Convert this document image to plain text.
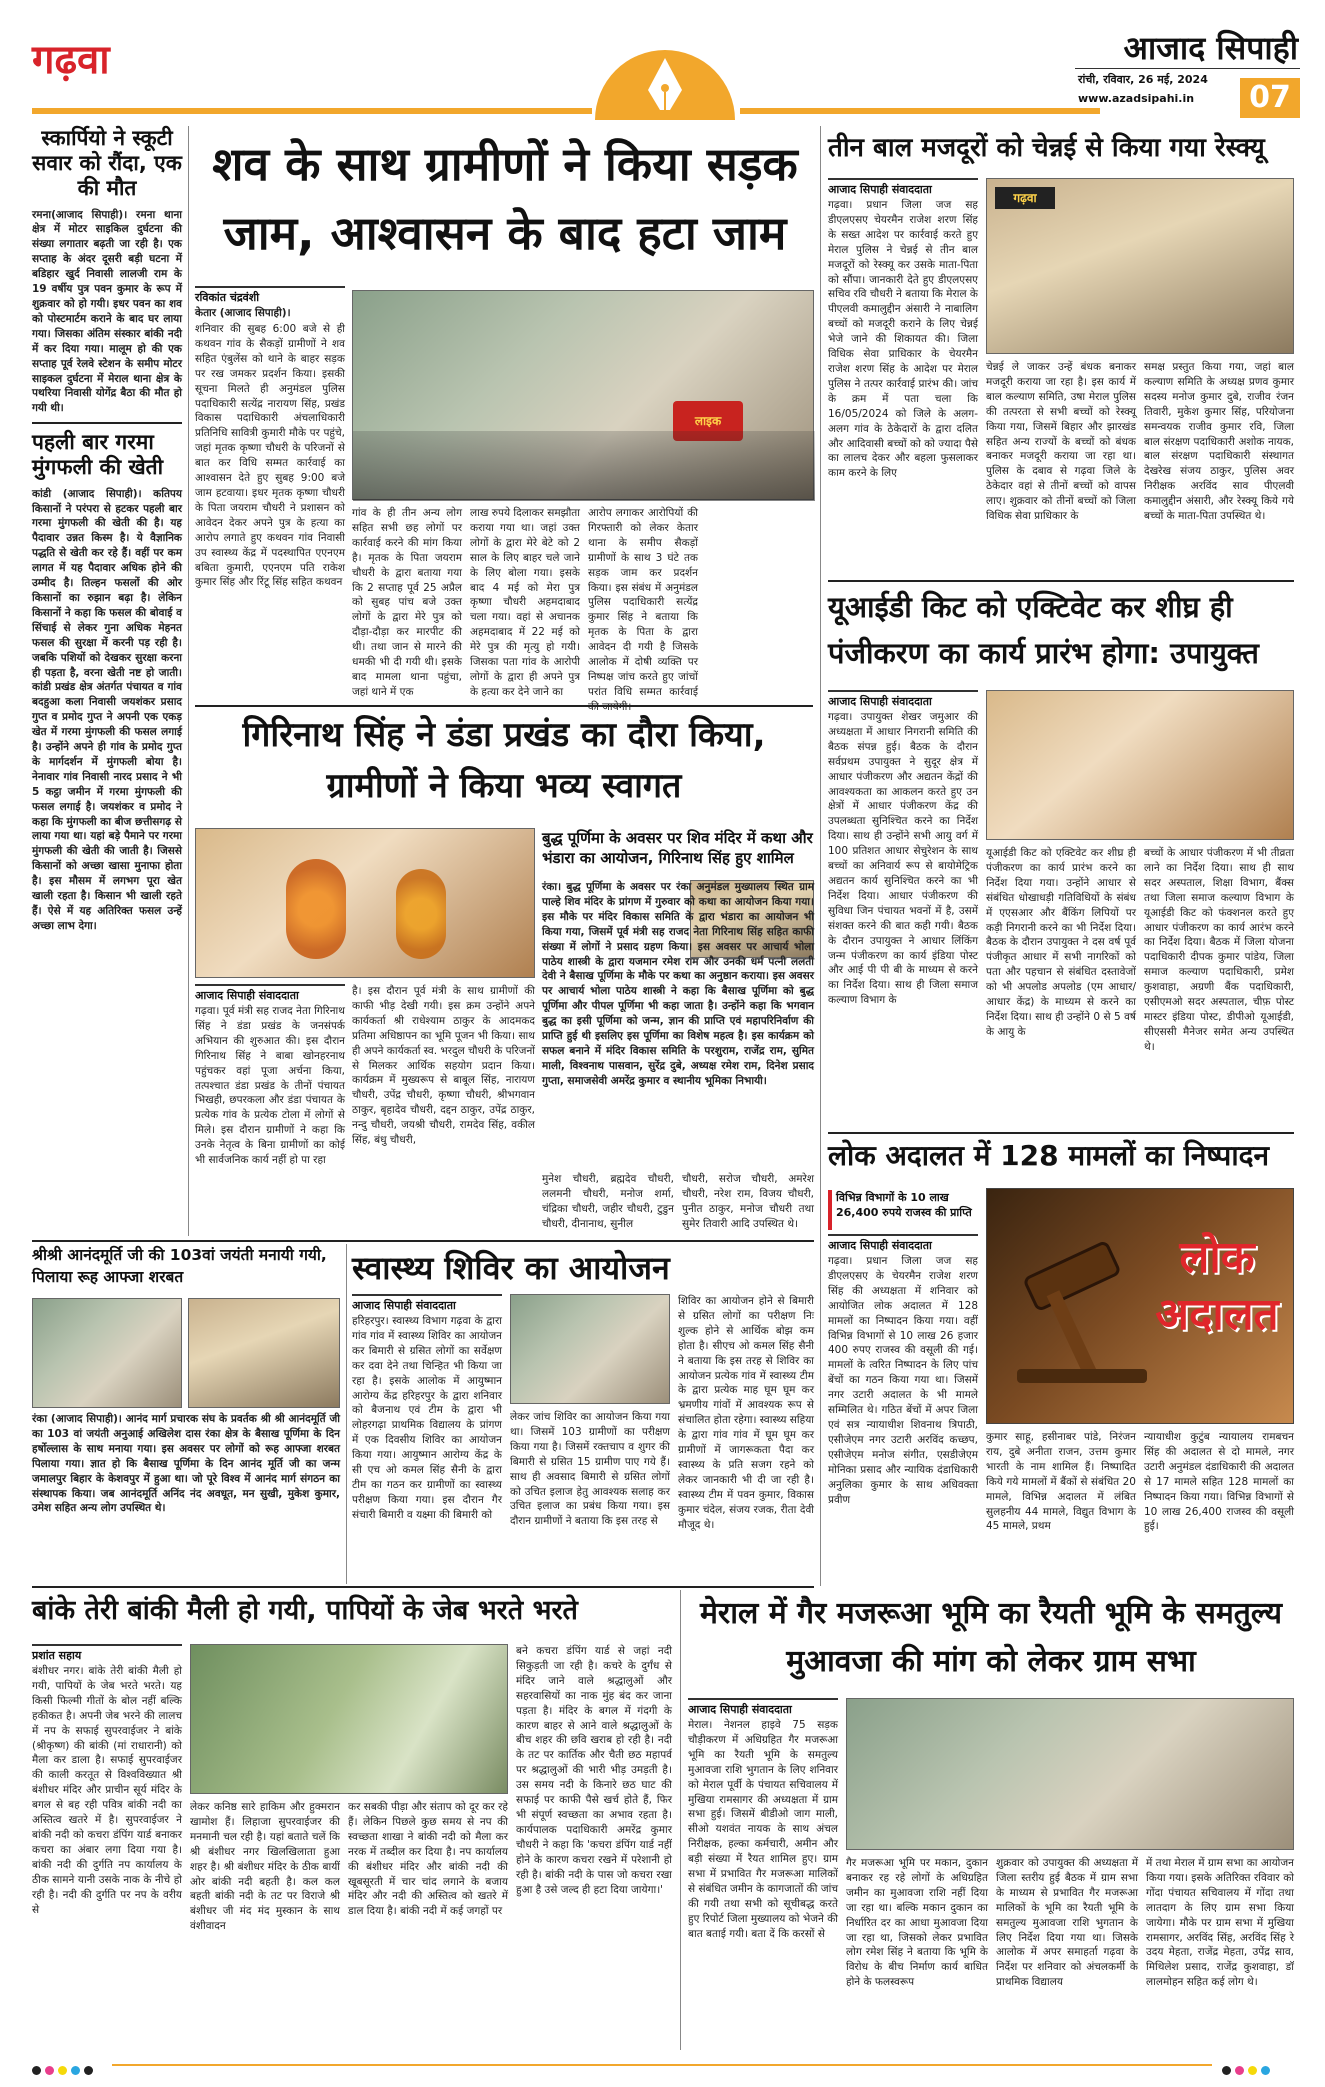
गढ़वा	आजाद सिपाही
रांची, रविवार, 26 मई, 2024
www.azadsipahi.in	07
स्कार्पियो ने स्कूटी सवार को रौंदा, एक की मौत
रमना(आजाद सिपाही)। रमना थाना क्षेत्र में मोटर साइकिल दुर्घटना की संख्या लगातार बढ़ती जा रही है। एक सप्ताह के अंदर दूसरी बड़ी घटना में बडिहार खुर्द निवासी लालजी राम के 19 वर्षीय पुत्र पवन कुमार के रूप में शुक्रवार को हो गयी। इधर पवन का शव को पोस्टमार्टम कराने के बाद घर लाया गया। जिसका अंतिम संस्कार बांकी नदी में कर दिया गया। मालूम हो की एक सप्ताह पूर्व रेलवे स्टेशन के समीप मोटर साइकल दुर्घटना में मेराल थाना क्षेत्र के पथरिया निवासी योगेंद्र बैठा की मौत हो गयी थी।
पहली बार गरमा मुंगफली की खेती
कांडी (आजाद सिपाही)। कतिपय किसानों ने परंपरा से हटकर पहली बार गरमा मुंगफली की खेती की है। यह पैदावार उन्नत किस्म है। ये वैज्ञानिक पद्धति से खेती कर रहे हैं। वहीं पर कम लागत में यह पैदावार अधिक होने की उम्मीद है। तिल्हन फसलों की ओर किसानों का रुझान बढ़ा है। लेकिन किसानों ने कहा कि फसल की बोवाई व सिंचाई से लेकर गुना अधिक मेहनत फसल की सुरक्षा में करनी पड़ रही है। जबकि पशियों को देखकर सुरक्षा करना ही पड़ता है, वरना खेती नष्ट हो जाती। कांडी प्रखंड क्षेत्र अंतर्गत पंचायत व गांव बदहुआ कला निवासी जयशंकर प्रसाद गुप्त व प्रमोद गुप्त ने अपनी एक एकड़ खेत में गरमा मुंगफली की फसल लगाई है। उन्होंने अपने ही गांव के प्रमोद गुप्त के मार्गदर्शन में मुंगफली बोया है। नेनावार गांव निवासी नारद प्रसाद ने भी 5 कट्ठा जमीन में गरमा मुंगफली की फसल लगाई है। जयशंकर व प्रमोद ने कहा कि मुंगफली का बीज छत्तीसगढ़ से लाया गया था। यहां बड़े पैमाने पर गरमा मुंगफली की खेती की जाती है। जिससे किसानों को अच्छा खासा मुनाफा होता है। इस मौसम में लगभग पूरा खेत खाली रहता है। किसान भी खाली रहते हैं। ऐसे में यह अतिरिक्त फसल उन्हें अच्छा लाभ देगा।
शव के साथ ग्रामीणों ने किया सड़क जाम, आश्वासन के बाद हटा जाम
रविकांत चंद्रवंशी
केतार (आजाद सिपाही)।
शनिवार की सुबह 6:00 बजे से ही कथवन गांव के सैकड़ों ग्रामीणों ने शव सहित एंबुलेंस को थाने के बाहर सड़क पर रख जमकर प्रदर्शन किया। इसकी सूचना मिलते ही अनुमंडल पुलिस पदाधिकारी सत्येंद्र नारायण सिंह, प्रखंड विकास पदाधिकारी अंचलाधिकारी प्रतिनिधि सावित्री कुमारी मौके पर पहुंचे, जहां मृतक कृष्णा चौधरी के परिजनों से बात कर विधि सम्मत कार्रवाई का आश्वासन देते हुए सुबह 9:00 बजे जाम हटवाया। इधर मृतक कृष्णा चौधरी के पिता जयराम चौधरी ने प्रशासन को आवेदन देकर अपने पुत्र के हत्या का आरोप लगाते हुए कथवन गांव निवासी उप स्वास्थ्य केंद्र में पदस्थापित एएनएम बबिता कुमारी, एएनएम पति राकेश कुमार सिंह और रिंटू सिंह सहित कथवन
लाइक
गांव के ही तीन अन्य लोग सहित सभी छह लोगों पर कार्रवाई करने की मांग किया है। मृतक के पिता जयराम चौधरी के द्वारा बताया गया कि 2 सप्ताह पूर्व 25 अप्रैल को सुबह पांच बजे उक्त लोगों के द्वारा मेरे पुत्र को दौड़ा-दौड़ा कर मारपीट की थी। तथा जान से मारने की धमकी भी दी गयी थी। इसके बाद मामला थाना पहुंचा, जहां थाने में एक
लाख रुपये दिलाकर समझौता कराया गया था। जहां उक्त लोगों के द्वारा मेरे बेटे को 2 साल के लिए बाहर चले जाने के लिए बोला गया। इसके बाद 4 मई को मेरा पुत्र कृष्णा चौधरी अहमदाबाद चला गया। वहां से अचानक अहमदाबाद में 22 मई को मेरे पुत्र की मृत्यु हो गयी। जिसका पता गांव के आरोपी लोगों के द्वारा ही अपने पुत्र के हत्या कर देने जाने का
आरोप लगाकर आरोपियों की गिरफ्तारी को लेकर केतार थाना के समीप सैकड़ों ग्रामीणों के साथ 3 घंटे तक सड़क जाम कर प्रदर्शन किया। इस संबंध में अनुमंडल पुलिस पदाधिकारी सत्येंद्र कुमार सिंह ने बताया कि मृतक के पिता के द्वारा आवेदन दी गयी है जिसके आलोक में दोषी व्यक्ति पर निष्पक्ष जांच करते हुए जांचों परांत विधि सम्मत कार्रवाई
गिरिनाथ सिंह ने डंडा प्रखंड का दौरा किया, ग्रामीणों ने किया भव्य स्वागत
आजाद सिपाही संवाददाता
गढ़वा। पूर्व मंत्री सह राजद नेता गिरिनाथ सिंह ने डंडा प्रखंड के जनसंपर्क अभियान की शुरुआत की। इस दौरान गिरिनाथ सिंह ने बाबा खोनहरनाथ पहुंचकर वहां पूजा अर्चना किया, तत्पश्चात डंडा प्रखंड के तीनों पंचायत भिखही, छपरकला और डंडा पंचायत के प्रत्येक गांव के प्रत्येक टोला में लोगों से मिले। इस दौरान ग्रामीणों ने कहा कि उनके नेतृत्व के बिना ग्रामीणों का कोई भी सार्वजनिक कार्य नहीं हो पा रहा
है। इस दौरान पूर्व मंत्री के साथ ग्रामीणों की काफी भीड़ देखी गयी। इस क्रम उन्होंने अपने कार्यकर्ता श्री राधेश्याम ठाकुर के आदमकद प्रतिमा अधिष्ठापन का भूमि पूजन भी किया। साथ ही अपने कार्यकर्ता स्व. भरदुल चौधरी के परिजनों से मिलकर आर्थिक सहयोग प्रदान किया। कार्यक्रम में मुख्यरूप से बाबूल सिंह, नारायण चौधरी, उपेंद्र चौधरी, कृष्णा चौधरी, श्रीभगवान ठाकुर, बृहादेव चौधरी, दद्दन ठाकुर, उपेंद्र ठाकुर, नन्दु चौधरी, जयश्री चौधरी, रामदेव सिंह, वकील सिंह, बंधु चौधरी,
बुद्ध पूर्णिमा के अवसर पर शिव मंदिर में कथा और भंडारा का आयोजन, गिरिनाथ सिंह हुए शामिल
रंका। बुद्ध पूर्णिमा के अवसर पर रंका अनुमंडल मुख्यालय स्थित ग्राम पाल्हे शिव मंदिर के प्रांगण में गुरुवार को कथा का आयोजन किया गया। इस मौके पर मंदिर विकास समिति के द्वारा भंडारा का आयोजन भी किया गया, जिसमें पूर्व मंत्री सह राजद नेता गिरिनाथ सिंह सहित काफी संख्या में लोगों ने प्रसाद ग्रहण किया। इस अवसर पर आचार्य भोला पाठेय शास्त्री के द्वारा यजमान रमेश राम और उनकी धर्म पत्नी ललती देवी ने बैसाख पूर्णिमा के मौके पर कथा का अनुष्ठान कराया। इस अवसर पर आचार्य भोला पाठेय शास्त्री ने कहा कि बैसाख पूर्णिमा को बुद्ध पूर्णिमा और पीपल पूर्णिमा भी कहा जाता है। उन्होंने कहा कि भगवान बुद्ध का इसी पूर्णिमा को जन्म, ज्ञान की प्राप्ति एवं महापरिनिर्वाण की प्राप्ति हुई थी इसलिए इस पूर्णिमा का विशेष महत्व है। इस कार्यक्रम को सफल बनाने में मंदिर विकास समिति के परशुराम, राजेंद्र राम, सुमित माली, विश्वनाथ पासवान, सुरेंद्र दुबे, अध्यक्ष रमेश राम, दिनेश प्रसाद गुप्ता, समाजसेवी अमरेंद्र कुमार व स्थानीय भूमिका निभायी।
मुनेश चौधरी, ब्रह्मदेव चौधरी, ललमनी चौधरी, मनोज शर्मा, चंद्रिका चौधरी, जहीर चौधरी, टुडुन चौधरी, दीनानाथ, सुनील
चौधरी, सरोज चौधरी, अमरेश चौधरी, नरेश राम, विजय चौधरी, पुनीत ठाकुर, मनोज चौधरी तथा सुमेर तिवारी आदि उपस्थित थे।
श्रीश्री आनंदमूर्ति जी की 103वां जयंती मनायी गयी, पिलाया रूह आफ्जा शरबत
रंका (आजाद सिपाही)। आनंद मार्ग प्रचारक संघ के प्रवर्तक श्री श्री आनंदमूर्ति जी का 103 वां जयंती अनुआई अखिलेश दास रंका क्षेत्र के बैसाख पूर्णिमा के दिन हर्षोल्लास के साथ मनाया गया। इस अवसर पर लोगों को रूह आफ्जा शरबत पिलाया गया। ज्ञात हो कि बैसाख पूर्णिमा के दिन आनंद मूर्ति जी का जन्म जमालपुर बिहार के केशवपुर में हुआ था। जो पूरे विश्व में आनंद मार्ग संगठन का संस्थापक किया। जब आनंदमूर्ति अनिंद नंद अवधूत, मन सुखी, मुकेश कुमार, उमेश सहित अन्य लोग उपस्थित थे।
स्वास्थ्य शिविर का आयोजन
आजाद सिपाही संवाददाता
हरिहरपुर। स्वास्थ्य विभाग गढ़वा के द्वारा गांव गांव में स्वास्थ्य शिविर का आयोजन कर बिमारी से ग्रसित लोगों का सर्वेक्षण कर दवा देने तथा चिन्हित भी किया जा रहा है। इसके आलोक में आयुष्मान आरोग्य केंद्र हरिहरपुर के द्वारा शनिवार को बैजनाथ एवं टीम के द्वारा भी लोहरगढ़ा प्राथमिक विद्यालय के प्रांगण में एक दिवसीय शिविर का आयोजन किया गया। आयुष्मान आरोग्य केंद्र के सी एच ओ कमल सिंह सैनी के द्वारा टीम का गठन कर ग्रामीणों का स्वास्थ्य परीक्षण किया गया। इस दौरान गैर संचारी बिमारी व यक्ष्मा की बिमारी को
लेकर जांच शिविर का आयोजन किया गया था। जिसमें 103 ग्रामीणों का परीक्षण किया गया है। जिसमें रक्तचाप व शुगर की बिमारी से ग्रसित 15 ग्रामीण पाए गये हैं। साथ ही अवसाद बिमारी से ग्रसित लोगों को उचित इलाज हेतु आवश्यक सलाह कर उचित इलाज का प्रबंध किया गया। इस दौरान ग्रामीणों ने बताया कि इस तरह से
शिविर का आयोजन होने से बिमारी से ग्रसित लोगों का परीक्षण निः शुल्क होने से आर्थिक बोझ कम होता है। सीएच ओ कमल सिंह सैनी ने बताया कि इस तरह से शिविर का आयोजन प्रत्येक गांव में स्वास्थ्य टीम के द्वारा प्रत्येक माह घूम घूम कर भ्रमणीय गांवों में आवश्यक रूप से संचालित होता रहेगा। स्वास्थ्य सहिया के द्वारा गांव गांव में घूम घूम कर ग्रामीणों में जागरूकता पैदा कर स्वास्थ्य के प्रति सजग रहने को लेकर जानकारी भी दी जा रही है। स्वास्थ्य टीम में पवन कुमार, विकास कुमार चंदेल, संजय रजक, रीता देवी मौजूद थे।
बांके तेरी बांकी मैली हो गयी, पापियों के जेब भरते भरते
प्रशांत सहाय
बंशीधर नगर। बांके तेरी बांकी मैली हो गयी, पापियों के जेब भरते भरते। यह किसी फिल्मी गीतों के बोल नहीं बल्कि हकीकत है। अपनी जेब भरने की लालच में नप के सफाई सुपरवाईजर ने बांके (श्रीकृष्ण) की बांकी (मां राधारानी) को मैला कर डाला है। सफाई सुपरवाईजर की काली करतूत से विश्वविख्यात श्री बंशीधर मंदिर और प्राचीन सूर्य मंदिर के बगल से बह रही पवित्र बांकी नदी का अस्तित्व खतरे में है। सुपरवाईजर ने बांकी नदी को कचरा डंपिंग यार्ड बनाकर कचरा का अंबार लगा दिया गया है। बांकी नदी की दुर्गति नप कार्यालय के ठीक सामने यानी उसके नाक के नीचे हो रही है। नदी की दुर्गति पर नप के वरीय से
लेकर कनिष्ठ सारे हाकिम और हुक्मरान खामोश हैं। लिहाजा सुपरवाईजर की मनमानी चल रही है। यहां बताते चलें कि श्री बंशीधर नगर खिलखिलाता हुआ शहर है। श्री बंशीधर मंदिर के ठीक बायीं ओर बांकी नदी बहती है। कल कल बहती बांकी नदी के तट पर विराजे श्री बंशीधर जी मंद मंद मुस्कान के साथ वंशीवादन
कर सबकी पीड़ा और संताप को दूर कर रहे हैं। लेकिन पिछले कुछ समय से नप की स्वच्छता शाखा ने बांकी नदी को मैला कर नरक में तब्दील कर दिया है। नप कार्यालय की बंशीधर मंदिर और बांकी नदी की खूबसूरती में चार चांद लगाने के बजाय मंदिर और नदी की अस्तित्व को खतरे में डाल दिया है। बांकी नदी में कई जगहों पर
बने कचरा डंपिंग यार्ड से जहां नदी सिकुड़ती जा रही है। कचरे के दुर्गंध से मंदिर जाने वाले श्रद्धालुओं और सहरवासियों का नाक मुंह बंद कर जाना पड़ता है। मंदिर के बगल में गंदगी के कारण बाहर से आने वाले श्रद्धालुओं के बीच शहर की छवि खराब हो रही है। नदी के तट पर कार्तिक और चैती छठ महापर्व पर श्रद्धालुओं की भारी भीड़ उमड़ती है। उस समय नदी के किनारे छठ घाट की सफाई पर काफी पैसे खर्च होते हैं, फिर भी संपूर्ण स्वच्छता का अभाव रहता है। कार्यपालक पदाधिकारी अमरेंद्र कुमार चौधरी ने कहा कि 'कचरा डंपिंग यार्ड नहीं होने के कारण कचरा रखने में परेशानी हो रही है। बांकी नदी के पास जो कचरा रखा हुआ है उसे जल्द ही हटा दिया जायेगा।'
तीन बाल मजदूरों को चेन्नई से किया गया रेस्क्यू
आजाद सिपाही संवाददाता
गढ़वा। प्रधान जिला जज सह डीएलएसए चेयरमैन राजेश शरण सिंह के सख्त आदेश पर कार्रवाई करते हुए मेराल पुलिस ने चेन्नई से तीन बाल मजदूरों को रेस्क्यू कर उसके माता-पिता को सौंपा। जानकारी देते हुए डीएलएसए सचिव रवि चौधरी ने बताया कि मेराल के पीएलवी कमालुद्दीन अंसारी ने नाबालिग बच्चों को मजदूरी कराने के लिए चेन्नई भेजे जाने की शिकायत की। जिला विधिक सेवा प्राधिकार के चेयरमैन राजेश शरण सिंह के आदेश पर मेराल पुलिस ने तत्पर कार्रवाई प्रारंभ की। जांच के क्रम में पता चला कि 16/05/2024 को जिले के अलग-अलग गांव के ठेकेदारों के द्वारा दलित और आदिवासी बच्चों को को ज्यादा पैसे का लालच देकर और बहला फुसलाकर काम करने के लिए
गढ़वा
चेन्नई ले जाकर उन्हें बंधक बनाकर मजदूरी कराया जा रहा है। इस कार्य में बाल कल्याण समिति, उषा मेराल पुलिस की तत्परता से सभी बच्चों को रेस्क्यू किया गया, जिसमें बिहार और झारखंड सहित अन्य राज्यों के बच्चों को बंधक बनाकर मजदूरी कराया जा रहा था। पुलिस के दबाव से गढ़वा जिले के ठेकेदार वहां से तीनों बच्चों को वापस लाए। शुक्रवार को तीनों बच्चों को जिला विधिक सेवा प्राधिकार के
समक्ष प्रस्तुत किया गया, जहां बाल कल्याण समिति के अध्यक्ष प्रणव कुमार सदस्य मनोज कुमार दुबे, राजीव रंजन तिवारी, मुकेश कुमार सिंह, परियोजना समन्वयक राजीव कुमार रवि, जिला बाल संरक्षण पदाधिकारी अशोक नायक, बाल संरक्षण पदाधिकारी संस्थागत देखरेख संजय ठाकुर, पुलिस अवर निरीक्षक अरविंद साव पीएलवी कमालुद्दीन अंसारी, और रेस्क्यू किये गये बच्चों के माता-पिता उपस्थित थे।
यूआईडी किट को एक्टिवेट कर शीघ्र ही पंजीकरण का कार्य प्रारंभ होगा: उपायुक्त
आजाद सिपाही संवाददाता
गढ़वा। उपायुक्त शेखर जमुआर की अध्यक्षता में आधार निगरानी समिति की बैठक संपन्न हुई। बैठक के दौरान सर्वप्रथम उपायुक्त ने सुदूर क्षेत्र में आधार पंजीकरण और अद्यतन केंद्रों की आवश्यकता का आकलन करते हुए उन क्षेत्रों में आधार पंजीकरण केंद्र की उपलब्धता सुनिश्चित करने का निर्देश दिया। साथ ही उन्होंने सभी आयु वर्ग में 100 प्रतिशत आधार सेचुरेशन के साथ बच्चों का अनिवार्य रूप से बायोमेट्रिक अद्यतन कार्य सुनिश्चित करने का भी निर्देश दिया। आधार पंजीकरण की सुविधा जिन पंचायत भवनों में है, उसमें संशक्त करने की बात कही गयी। बैठक के दौरान उपायुक्त ने आधार लिंकिंग जन्म पंजीकरण का कार्य इंडिया पोस्ट और आई पी पी बी के माध्यम से करने का निर्देश दिया। साथ ही जिला समाज कल्याण विभाग के
यूआईडी किट को एक्टिवेट कर शीघ्र ही पंजीकरण का कार्य प्रारंभ करने का निर्देश दिया गया। उन्होंने आधार से संबंधित धोखाधड़ी गतिविधियों के संबंध में एएसआर और बैंकिंग लिपियों पर कड़ी निगरानी करने का भी निर्देश दिया। बैठक के दौरान उपायुक्त ने दस वर्ष पूर्व पंजीकृत आधार में सभी नागरिकों को पता और पहचान से संबंधित दस्तावेजों को भी अपलोड अपलोड (एम आधार/आधार केंद्र) के माध्यम से करने का निर्देश दिया। साथ ही उन्होंने 0 से 5 वर्ष के आयु के
बच्चों के आधार पंजीकरण में भी तीव्रता लाने का निर्देश दिया। साथ ही साथ सदर अस्पताल, शिक्षा विभाग, बैंक्स तथा जिला समाज कल्याण विभाग के यूआईडी किट को फंक्शनल करते हुए आधार पंजीकरण का कार्य आरंभ करने का निर्देश दिया। बैठक में जिला योजना पदाधिकारी दीपक कुमार पांडेय, जिला समाज कल्याण पदाधिकारी, प्रमेश कुशवाहा, अग्रणी बैंक पदाधिकारी, एसीएमओ सदर अस्पताल, चीफ़ पोस्ट मास्टर इंडिया पोस्ट, डीपीओ यूआईडी, सीएससी मैनेजर समेत अन्य उपस्थित थे।
लोक अदालत में 128 मामलों का निष्पादन
विभिन्न विभागों के 10 लाख 26,400 रुपये राजस्व की प्राप्ति
आजाद सिपाही संवाददाता
गढ़वा। प्रधान जिला जज सह डीएलएसए के चेयरमैन राजेश शरण सिंह की अध्यक्षता में शनिवार को आयोजित लोक अदालत में 128 मामलों का निष्पादन किया गया। वहीं विभिन्न विभागों से 10 लाख 26 हजार 400 रुपए राजस्व की वसूली की गई। मामलों के त्वरित निष्पादन के लिए पांच बेंचों का गठन किया गया था। जिसमें नगर उटारी अदालत के भी मामले सम्मिलित थे। गठित बेंचों में अपर जिला एवं सत्र न्यायाधीश शिवनाथ त्रिपाठी, एसीजेएम नगर उटारी अरविंद कच्छप, एसीजेएम मनोज संगीत, एसडीजेएम मोनिका प्रसाद और न्यायिक दंडाधिकारी अनुलिका कुमार के साथ अधिवक्ता प्रवीण
लोक अदालत
कुमार साहू, हसीनाबर पांडे, निरंजन राय, दुबे अनीता राजन, उत्तम कुमार भारती के नाम शामिल हैं। निष्पादित किये गये मामलों में बैंकों से संबंधित 20 मामले, विभिन्न अदालत में लंबित सुलहनीय 44 मामले, विद्युत विभाग के 45 मामले, प्रथम
न्यायाधीश कुटुंब न्यायालय रामबचन सिंह की अदालत से दो मामले, नगर उटारी अनुमंडल दंडाधिकारी की अदालत से 17 मामले सहित 128 मामलों का निष्पादन किया गया। विभिन्न विभागों से 10 लाख 26,400 राजस्व की वसूली हुई।
मेराल में गैर मजरूआ भूमि का रैयती भूमि के समतुल्य मुआवजा की मांग को लेकर ग्राम सभा
आजाद सिपाही संवाददाता
मेराल। नेशनल हाइवे 75 सड़क चौड़ीकरण में अधिग्रहित गैर मजरूआ भूमि का रैयती भूमि के समतुल्य मुआवजा राशि भुगतान के लिए शनिवार को मेराल पूर्वी के पंचायत सचिवालय में मुखिया रामसागर की अध्यक्षता में ग्राम सभा हुई। जिसमें बीडीओ जाग माली, सीओ यशवंत नायक के साथ अंचल निरीक्षक, हल्का कर्मचारी, अमीन और बड़ी संख्या में रैयत शामिल हुए। ग्राम सभा में प्रभावित गैर मजरूआ मालिकों से संबंधित जमीन के कागजातों की जांच की गयी तथा सभी को सूचीबद्ध करते हुए रिपोर्ट जिला मुख्यालय को भेजने की बात बताई गयी। बता दें कि करसों से
गैर मजरूआ भूमि पर मकान, दुकान बनाकर रह रहे लोगों के अधिग्रहित जमीन का मुआवजा राशि नहीं दिया जा रहा था। बल्कि मकान दुकान का निर्धारित दर का आधा मुआवजा दिया जा रहा था, जिसको लेकर प्रभावित लोग रमेश सिंह ने बताया कि भूमि के विरोध के बीच निर्माण कार्य बाधित होने के फलस्वरूप
शुक्रवार को उपायुक्त की अध्यक्षता में जिला स्तरीय हुई बैठक में ग्राम सभा के माध्यम से प्रभावित गैर मजरूआ मालिकों के भूमि का रैयती भूमि के समतुल्य मुआवजा राशि भुगतान के लिए निर्देश दिया गया था। जिसके आलोक में अपर समाहर्ता गढ़वा के निर्देश पर शनिवार को अंचलकर्मी के प्राथमिक विद्यालय
में तथा मेराल में ग्राम सभा का आयोजन किया गया। इसके अतिरिक्त रविवार को गोंदा पंचायत सचिवालय में गोंदा तथा लातदाग के लिए ग्राम सभा किया जायेगा। मौके पर ग्राम सभा में मुखिया रामसागर, अरविंद सिंह, अरविंद सिंह रे उदय मेहता, राजेंद्र मेहता, उपेंद्र साव, मिथिलेश प्रसाद, राजेंद्र कुशवाहा, डॉ लालमोहन सहित कई लोग थे।
